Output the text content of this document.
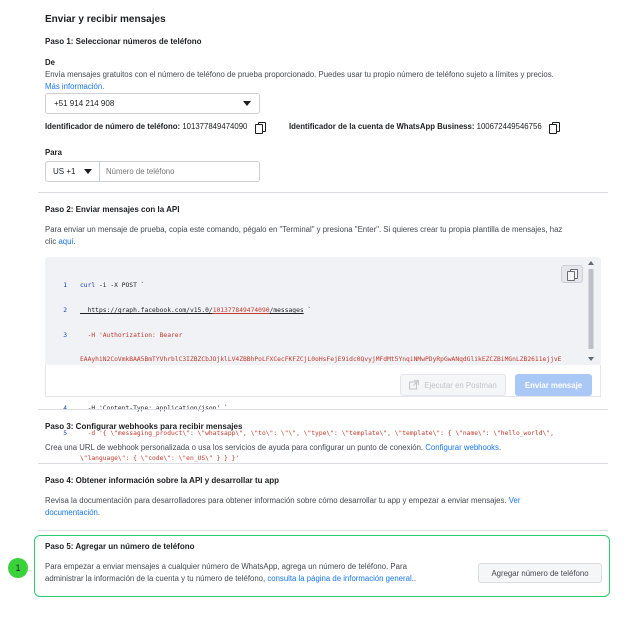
Enviar y recibir mensajes
Paso 1: Seleccionar números de teléfono
De
Envía mensajes gratuitos con el número de teléfono de prueba proporcionado. Puedes usar tu propio número de teléfono sujeto a límites y precios.
Más información.
+51 914 214 908
Identificador de número de teléfono: 101377849474090	Identificador de la cuenta de WhatsApp Business: 100672449546756
Para
US +1
Número de teléfono
Paso 2: Enviar mensajes con la API
Para enviar un mensaje de prueba, copia este comando, pégalo en "Terminal" y presiona "Enter". Si quieres crear tu propia plantilla de mensajes, haz
clic aquí.

1 curl -i -X POST `

2 https://graph.facebook.com/v15.0/101377849474090/messages `

3 -H 'Authorization: Bearer

EAAyhiN2CoVmkBAA5BmTYVhrblC3IZBZCbJOjklLV4ZBBhPoLFXCecFKFZCjL0oHsFejE9idc0QvyjMFdMt5YnqiNMwPDyRpGwANqdGlikEZCZBiMGnLZB2611ejjvE

5 -d '{ \"messaging_product\": \"whatsapp\", \"to\": \"\", \"type\": \"template\", \"template\": { \"name\": \"hello_world\",

\"language\": { \"code\": \"en_US\" } } }'

Ejecutar en Postman	Enviar mensaje
Paso 3: Configurar webhooks para recibir mensajes
Crea una URL de webhook personalizada o usa los servicios de ayuda para configurar un punto de conexión. Configurar webhooks.
Paso 4: Obtener información sobre la API y desarrollar tu app
Revisa la documentación para desarrolladores para obtener información sobre cómo desarrollar tu app y empezar a enviar mensajes. Ver
documentación.
1
Paso 5: Agregar un número de teléfono
Para empezar a enviar mensajes a cualquier número de WhatsApp, agrega un número de teléfono. Para
administrar la información de la cuenta y tu número de teléfono, consulta la página de información general..
Agregar número de teléfono
